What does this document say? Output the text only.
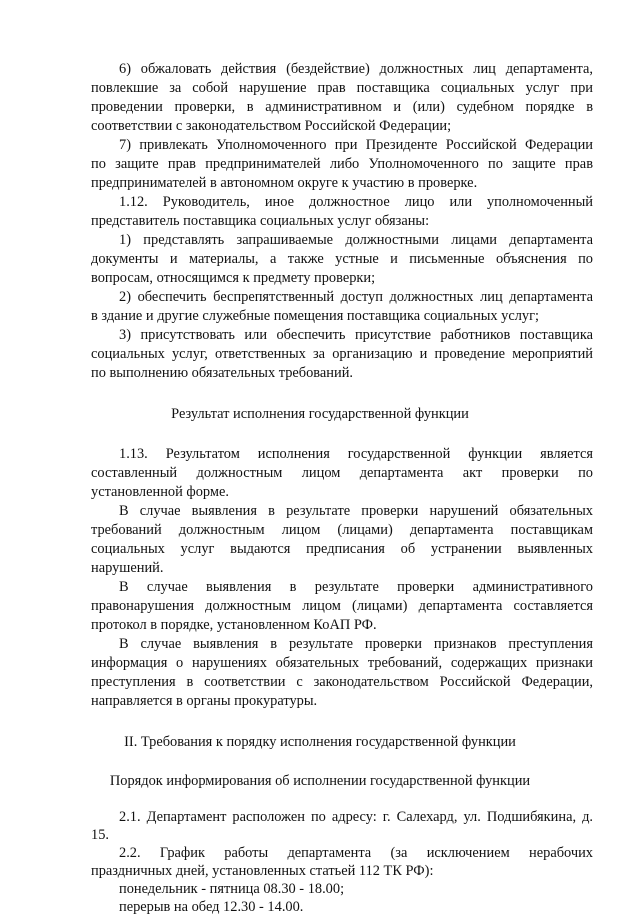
6) обжаловать действия (бездействие) должностных лиц департамента,
повлекшие за собой нарушение прав поставщика социальных услуг при
проведении проверки, в административном и (или) судебном порядке в
соответствии с законодательством Российской Федерации;
7) привлекать Уполномоченного при Президенте Российской Федерации
по защите прав предпринимателей либо Уполномоченного по защите прав
предпринимателей в автономном округе к участию в проверке.
1.12. Руководитель, иное должностное лицо или уполномоченный
представитель поставщика социальных услуг обязаны:
1) представлять запрашиваемые должностными лицами департамента
документы и материалы, а также устные и письменные объяснения по
вопросам, относящимся к предмету проверки;
2) обеспечить беспрепятственный доступ должностных лиц департамента
в здание и другие служебные помещения поставщика социальных услуг;
3) присутствовать или обеспечить присутствие работников поставщика
социальных услуг, ответственных за организацию и проведение мероприятий
по выполнению обязательных требований.
Результат исполнения государственной функции
1.13. Результатом исполнения государственной функции является
составленный должностным лицом департамента акт проверки по
установленной форме.
В случае выявления в результате проверки нарушений обязательных
требований должностным лицом (лицами) департамента поставщикам
социальных услуг выдаются предписания об устранении выявленных
нарушений.
В случае выявления в результате проверки административного
правонарушения должностным лицом (лицами) департамента составляется
протокол в порядке, установленном КоАП РФ.
В случае выявления в результате проверки признаков преступления
информация о нарушениях обязательных требований, содержащих признаки
преступления в соответствии с законодательством Российской Федерации,
направляется в органы прокуратуры.
II. Требования к порядку исполнения государственной функции
Порядок информирования об исполнении государственной функции
2.1. Департамент расположен по адресу: г. Салехард, ул. Подшибякина, д.
15.
2.2. График работы департамента (за исключением нерабочих
праздничных дней, установленных статьей 112 ТК РФ):
понедельник - пятница 08.30 - 18.00;
перерыв на обед 12.30 - 14.00.
